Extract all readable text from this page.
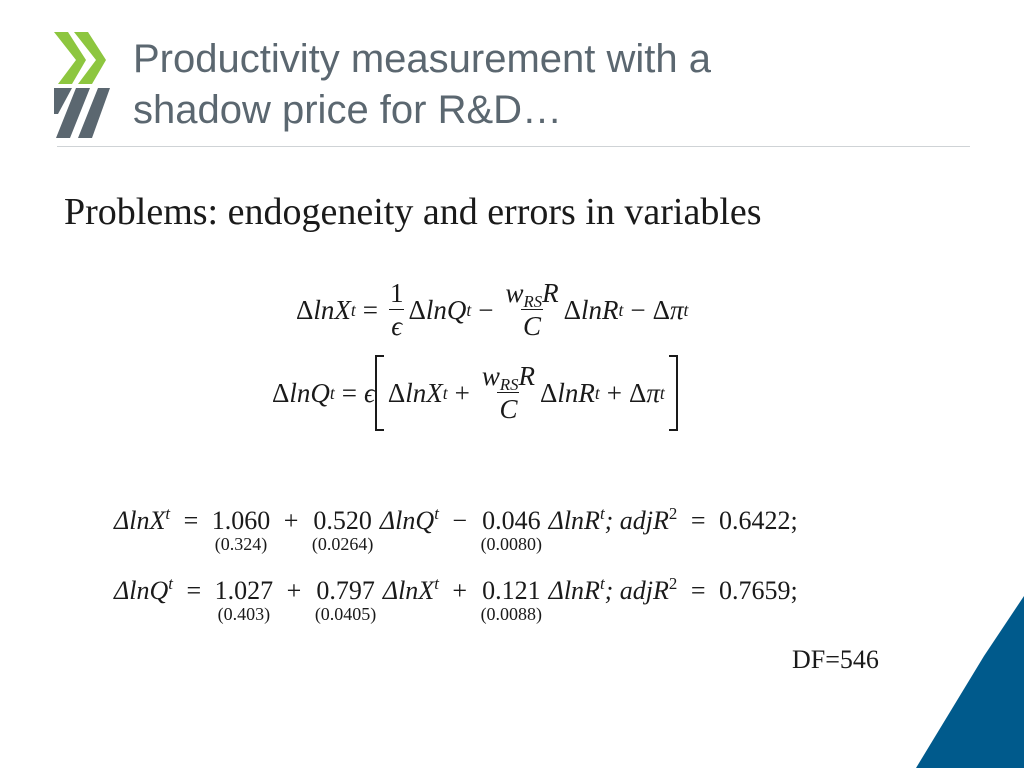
Productivity measurement with a
shadow price for R&D…
Problems: endogeneity and errors in variables
Δ ln X $t = \frac{1}{\epsilon}$ Δ ln Q $t - \frac{w_{RS}R}{C}$ Δ ln R t − Δ π t
Δ ln Q t = ϵ Δ ln X $t + \frac{w_{RS}R}{C}$ Δ ln R t + Δ π t
ΔlnX$^t$ = 1.060
(0.324)
+ 0.520
(0.0264)
ΔlnQ$^t$ − 0.046
(0.0080)
ΔlnR$^t$; adjR$^2$ = 0.6422;
ΔlnQ$^t$ = 1.027
(0.403)
+ 0.797
(0.0405)
ΔlnX$^t$ + 0.121
(0.0088)
ΔlnR$^t$; adjR$^2$ = 0.7659;
DF=546
